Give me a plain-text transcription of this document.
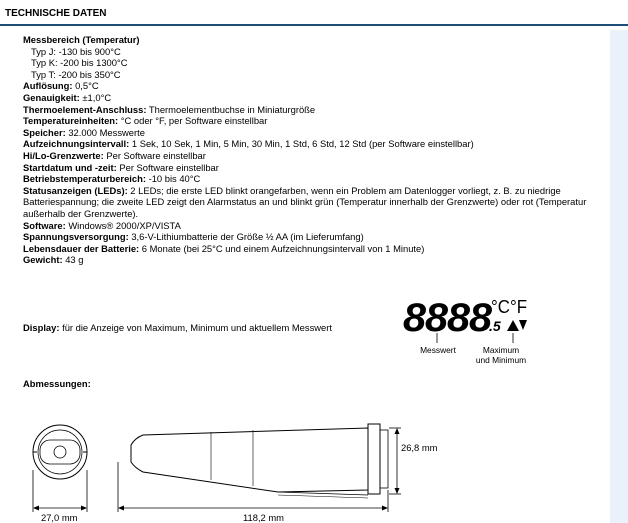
TECHNISCHE DATEN
Messbereich (Temperatur)
Typ J: -130 bis 900°C
Typ K: -200 bis 1300°C
Typ T: -200 bis 350°C
Auflösung: 0,5°C
Genauigkeit: ±1,0°C
Thermoelement-Anschluss: Thermoelementbuchse in Miniaturgröße
Temperatureinheiten: °C oder °F, per Software einstellbar
Speicher: 32.000 Messwerte
Aufzeichnungsintervall: 1 Sek, 10 Sek, 1 Min, 5 Min, 30 Min, 1 Std, 6 Std, 12 Std (per Software einstellbar)
Hi/Lo-Grenzwerte: Per Software einstellbar
Startdatum und -zeit: Per Software einstellbar
Betriebstemperaturbereich: -10 bis 40°C
Statusanzeigen (LEDs): 2 LEDs; die erste LED blinkt orangefarben, wenn ein Problem am Datenlogger vorliegt, z. B. zu niedrige Batteriespannung; die zweite LED zeigt den Alarmstatus an und blinkt grün (Temperatur innerhalb der Grenzwerte) oder rot (Temperatur außerhalb der Grenzwerte).
Software: Windows® 2000/XP/VISTA
Spannungsversorgung: 3,6-V-Lithiumbatterie der Größe ½ AA (im Lieferumfang)
Lebensdauer der Batterie: 6 Monate (bei 25°C und einem Aufzeichnungsintervall von 1 Minute)
Gewicht: 43 g
Display: für die Anzeige von Maximum, Minimum und aktuellem Messwert 8888
°C°F
.5
Messwert	Maximum
und Minimum
Abmessungen:
27,0 mm	118,2 mm
26,8 mm
